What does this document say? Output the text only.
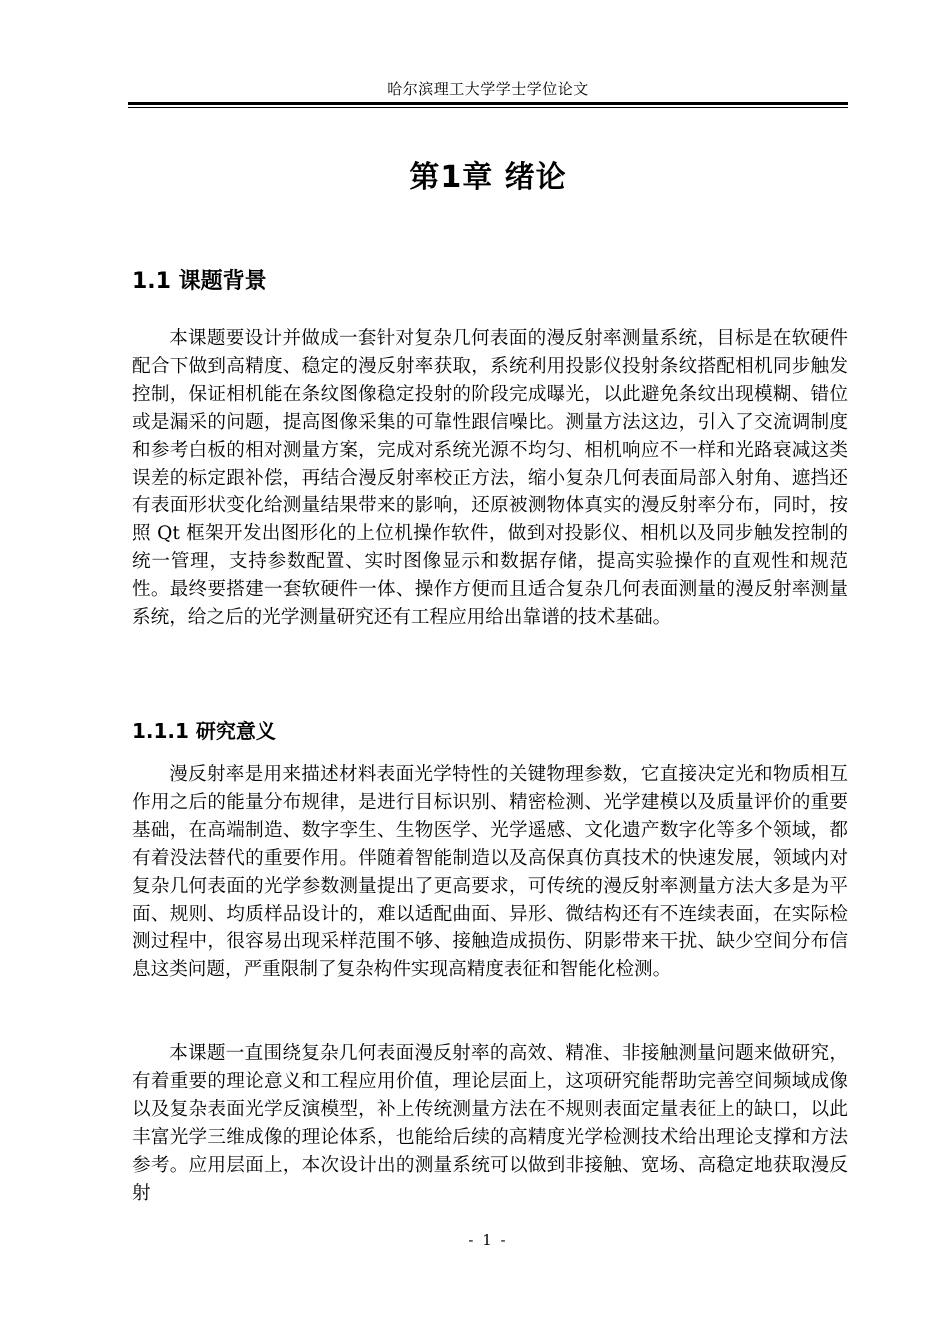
哈尔滨理工大学学士学位论文
第1章 绪论
1.1 课题背景

本课题要设计并做成一套针对复杂几何表面的漫反射率测量系统，目标是在软硬件配合下做到高精度、稳定的漫反射率获取，系统利用投影仪投射条纹搭配相机同步触发控制，保证相机能在条纹图像稳定投射的阶段完成曝光，以此避免条纹出现模糊、错位或是漏采的问题，提高图像采集的可靠性跟信噪比。测量方法这边，引入了交流调制度和参考白板的相对测量方案，完成对系统光源不均匀、相机响应不一样和光路衰减这类误差的标定跟补偿，再结合漫反射率校正方法，缩小复杂几何表面局部入射角、遮挡还有表面形状变化给测量结果带来的影响，还原被测物体真实的漫反射率分布，同时，按照 Qt 框架开发出图形化的上位机操作软件，做到对投影仪、相机以及同步触发控制的统一管理，支持参数配置、实时图像显示和数据存储，提高实验操作的直观性和规范性。最终要搭建一套软硬件一体、操作方便而且适合复杂几何表面测量的漫反射率测量系统，给之后的光学测量研究还有工程应用给出靠谱的技术基础。

1.1.1 研究意义

漫反射率是用来描述材料表面光学特性的关键物理参数，它直接决定光和物质相互作用之后的能量分布规律，是进行目标识别、精密检测、光学建模以及质量评价的重要基础，在高端制造、数字孪生、生物医学、光学遥感、文化遗产数字化等多个领域，都有着没法替代的重要作用。伴随着智能制造以及高保真仿真技术的快速发展，领域内对复杂几何表面的光学参数测量提出了更高要求，可传统的漫反射率测量方法大多是为平面、规则、均质样品设计的，难以适配曲面、异形、微结构还有不连续表面，在实际检测过程中，很容易出现采样范围不够、接触造成损伤、阴影带来干扰、缺少空间分布信息这类问题，严重限制了复杂构件实现高精度表征和智能化检测。

本课题一直围绕复杂几何表面漫反射率的高效、精准、非接触测量问题来做研究，有着重要的理论意义和工程应用价值，理论层面上，这项研究能帮助完善空间频域成像以及复杂表面光学反演模型，补上传统测量方法在不规则表面定量表征上的缺口，以此丰富光学三维成像的理论体系，也能给后续的高精度光学检测技术给出理论支撑和方法参考。应用层面上，本次设计出的测量系统可以做到非接触、宽场、高稳定地获取漫反射

- 1 -
